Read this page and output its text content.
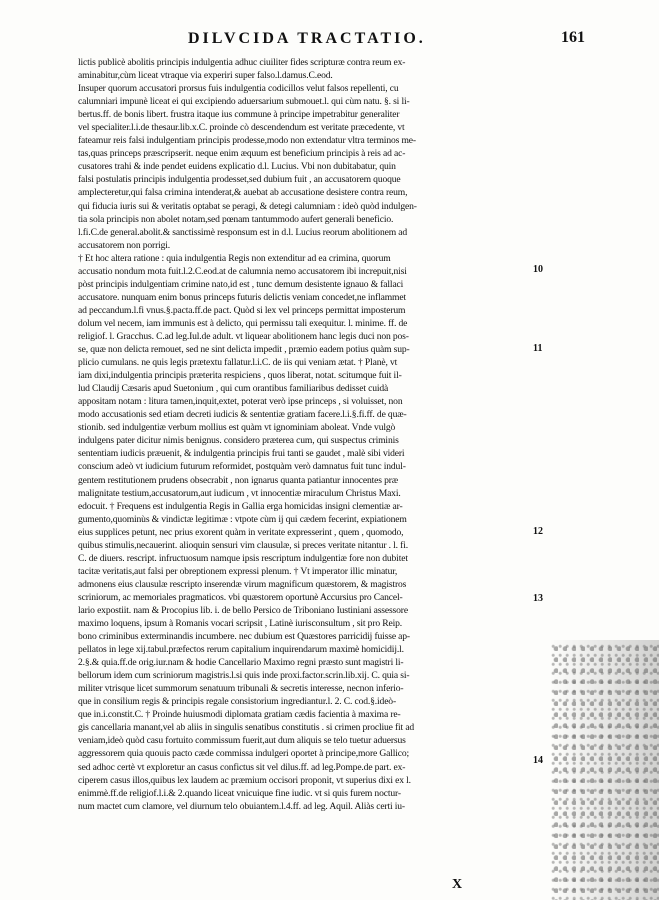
DILVCIDA TRACTATIO.	161
lictis publicè abolitis principis indulgentia adhuc ciuiliter fides scripturæ contra reum ex-
aminabitur,cùm liceat vtraque via experiri super falso.l.damus.C.eod.
Insuper quorum accusatori prorsus fuis indulgentia codicillos velut falsos repellenti, cu
calumniari impunè liceat ei qui excipiendo aduersarium submouet.l. qui cùm natu. §. si li-
bertus.ff. de bonis libert. frustra itaque ius commune à principe impetrabitur generaliter
vel specialiter.l.i.de thesaur.lib.x.C. proinde cò descendendum est veritate præcedente, vt
fateamur reis falsi indulgentiam principis prodesse,modo non extendatur vltra terminos me-
tas,quas princeps præscripserit. neque enim æquum est beneficium principis à reis ad ac-
cusatores trahi & inde pendet euidens explicatio d.l. Lucius. Vbi non dubitabatur, quin
falsi postulatis principis indulgentia prodesset,sed dubium fuit , an accusatorem quoque
amplecteretur,qui falsa crimina intenderat,& auebat ab accusatione desistere contra reum,
qui fiducia iuris sui & veritatis optabat se peragi, & detegi calumniam : ideò quòd indulgen-
tia sola principis non abolet notam,sed pœnam tantummodo aufert generali beneficio.
l.fi.C.de general.abolit.& sanctissimè responsum est in d.l. Lucius reorum abolitionem ad
accusatorem non porrigi.
† Et hoc altera ratione : quia indulgentia Regis non extenditur ad ea crimina, quorum
accusatio nondum mota fuit.l.2.C.eod.at de calumnia nemo accusatorem ibi increpuit,nisi
pòst principis indulgentiam crimine nato,id est , tunc demum desistente ignauo & fallaci
accusatore. nunquam enim bonus princeps futuris delictis veniam concedet,ne inflammet
ad peccandum.l.fi vnus.§.pacta.ff.de pact. Quòd si lex vel princeps permittat imposterum
dolum vel necem, iam immunis est à delicto, qui permissu tali exequitur. l. minime. ff. de
religiof. l. Gracchus. C.ad leg.Iul.de adult. vt liquear abolitionem hanc legis duci non pos-
se, quæ non delicta remouet, sed ne sint delicta impedit , præmio eadem potius quàm sup-
plicio cumulans. ne quis legis prætextu fallatur.l.i.C. de iis qui veniam ætat. † Planè, vt
iam dixi,indulgentia principis præterita respiciens , quos liberat, notat. scitumque fuit il-
lud Claudij Cæsaris apud Suetonium , qui cum orantibus familiaribus dedisset cuidà
appositam notam : litura tamen,inquit,extet, poterat verò ipse princeps , si voluisset, non
modo accusationis sed etiam decreti iudicis & sententiæ gratiam facere.l.i.§.fi.ff. de quæ-
stionib. sed indulgentiæ verbum mollius est quàm vt ignominiam aboleat. Vnde vulgò
indulgens pater dicitur nimis benignus. considero præterea cum, qui suspectus criminis
sententiam iudicis præuenit, & indulgentia principis frui tanti se gaudet , malè sibi videri
conscium adeò vt iudicium futurum reformidet, postquàm verò damnatus fuit tunc indul-
gentem restitutionem prudens obsecrabit , non ignarus quanta patiantur innocentes præ
malignitate testium,accusatorum,aut iudicum , vt innocentiæ miraculum Christus Maxi.
edocuit. † Frequens est indulgentia Regis in Gallia erga homicidas insigni clementiæ ar-
gumento,quominùs & vindictæ legitimæ : vtpote cùm ij qui cædem fecerint, expiationem
eius supplices petunt, nec prius exorent quàm in veritate expresserint , quem , quomodo,
quibus stimulis,necauerint. alioquin sensuri vim clausulæ, si preces veritate nitantur . l. fi.
C. de diuers. rescript. infructuosum namque ipsis rescriptum indulgentiæ fore non dubitet
tacitæ veritatis,aut falsi per obreptionem expressi plenum. † Vt imperator illic minatur,
admonens eius clausulæ rescripto inserendæ virum magnificum quæstorem, & magistros
scriniorum, ac memoriales pragmaticos. vbi quæstorem oportunè Accursius pro Cancel-
lario expostiit. nam & Procopius lib. i. de bello Persico de Triboniano Iustiniani assessore
maximo loquens, ipsum à Romanis vocari scripsit , Latinè iurisconsultum , sit pro Reip.
bono criminibus exterminandis incumbere. nec dubium est Quæstores parricidij fuisse ap-
pellatos in lege xij.tabul.præfectos rerum capitalium inquirendarum maximè homicidij.l.
2.§.& quia.ff.de orig.iur.nam & hodie Cancellario Maximo regni præsto sunt magistri li-
bellorum idem cum scriniorum magistris.l.si quis inde proxi.factor.scrin.lib.xij. C. quia si-
militer vtrisque licet summorum senatuum tribunali & secretis interesse, necnon inferio-
que in consilium regis & principis regale consistorium ingrediantur.l. 2. C. cod.§.ideò-
que in.i.constit.C. † Proinde huiusmodi diplomata gratiam cædis facientia à maxima re-
gis cancellaria manant,vel ab aliis in singulis senatibus constitutis . si crimen procliue fit ad
veniam,ideò quòd casu fortuito commissum fuerit,aut dum aliquis se telo tuetur aduersus
aggressorem quia quouis pacto cæde commissa indulgeri oportet à principe,more Gallico;
sed adhoc certè vt exploretur an casus confictus sit vel dilus.ff. ad leg.Pompe.de part. ex-
ciperem casus illos,quibus lex laudem ac præmium occisori proponit, vt superius dixi ex l.
enimmè.ff.de religiof.l.i.& 2.quando liceat vnicuique fine iudic. vt si quis furem noctur-
num mactet cum clamore, vel diurnum telo obuiantem.l.4.ff. ad leg. Aquil. Aliàs certi iu-
10
11
12
13
14
X
